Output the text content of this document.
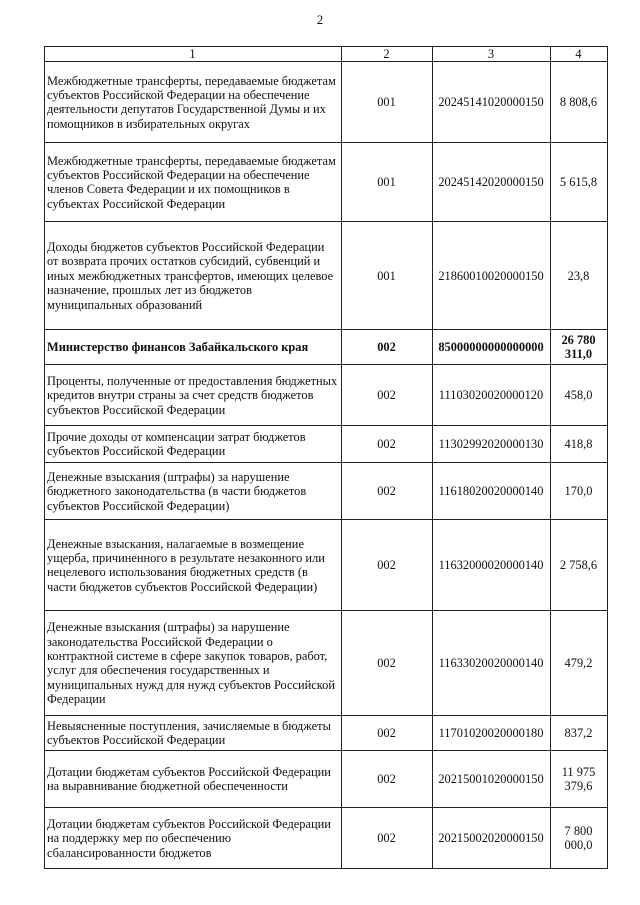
2
1	2	3	4
Межбюджетные трансферты, передаваемые бюджетам субъектов Российской Федерации на обеспечение деятельности депутатов Государственной Думы и их помощников в избирательных округах	001	20245141020000150	8 808,6
Межбюджетные трансферты, передаваемые бюджетам субъектов Российской Федерации на обеспечение членов Совета Федерации и их помощников в субъектах Российской Федерации	001	20245142020000150	5 615,8
Доходы бюджетов субъектов Российской Федерации от возврата прочих остатков субсидий, субвенций и иных межбюджетных трансфертов, имеющих целевое назначение, прошлых лет из бюджетов муниципальных образований	001	21860010020000150	23,8
Министерство финансов Забайкальского края	002	85000000000000000	26 780 311,0
Проценты, полученные от предоставления бюджетных кредитов внутри страны за счет средств бюджетов субъектов Российской Федерации	002	11103020020000120	458,0
Прочие доходы от компенсации затрат бюджетов субъектов Российской Федерации	002	11302992020000130	418,8
Денежные взыскания (штрафы) за нарушение бюджетного законодательства (в части бюджетов субъектов Российской Федерации)	002	11618020020000140	170,0
Денежные взыскания, налагаемые в возмещение ущерба, причиненного в результате незаконного или нецелевого использования бюджетных средств (в части бюджетов субъектов Российской Федерации)	002	11632000020000140	2 758,6
Денежные взыскания (штрафы) за нарушение законодательства Российской Федерации о контрактной системе в сфере закупок товаров, работ, услуг для обеспечения государственных и муниципальных нужд для нужд субъектов Российской Федерации	002	11633020020000140	479,2
Невыясненные поступления, зачисляемые в бюджеты субъектов Российской Федерации	002	11701020020000180	837,2
Дотации бюджетам субъектов Российской Федерации на выравнивание бюджетной обеспеченности	002	20215001020000150	11 975 379,6
Дотации бюджетам субъектов Российской Федерации на поддержку мер по обеспечению сбалансированности бюджетов	002	20215002020000150	7 800 000,0
